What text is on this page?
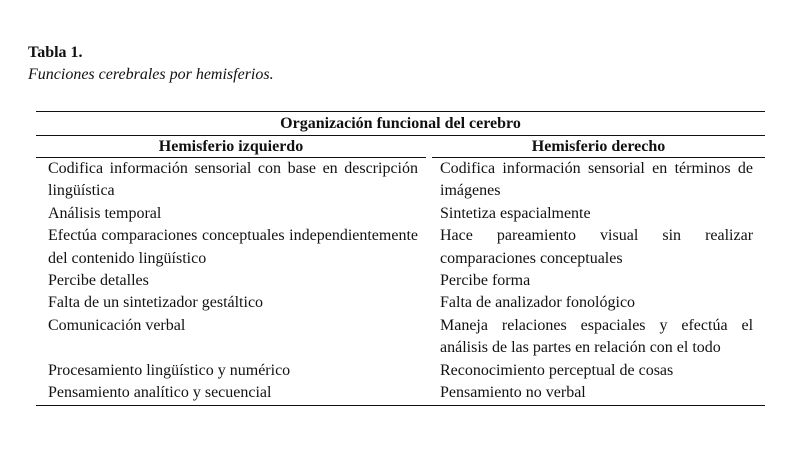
Tabla 1.
Funciones cerebrales por hemisferios.
Organización funcional del cerebro		
Hemisferio izquierdo		Hemisferio derecho
Codifica información sensorial con base en descripción lingüística		Codifica información sensorial en términos de imágenes
Análisis temporal		Sintetiza espacialmente
Efectúa comparaciones conceptuales independientemente del contenido lingüístico		Hace pareamiento visual sin realizar comparaciones conceptuales
Percibe detalles		Percibe forma
Falta de un sintetizador gestáltico		Falta de analizador fonológico
Comunicación verbal		Maneja relaciones espaciales y efectúa el análisis de las partes en relación con el todo
Procesamiento lingüístico y numérico		Reconocimiento perceptual de cosas
Pensamiento analítico y secuencial		Pensamiento no verbal
